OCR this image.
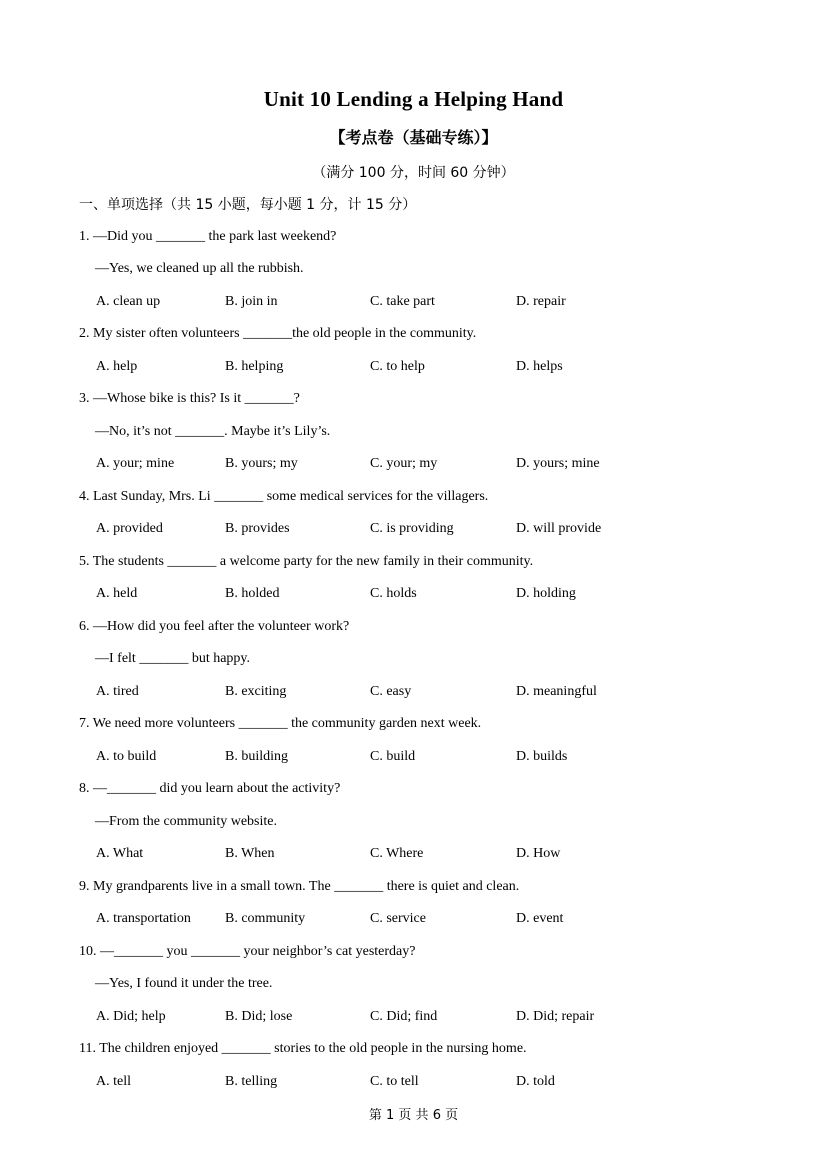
Unit 10 Lending a Helping Hand
【考点卷（基础专练）】
（满分 100 分，时间 60 分钟）
一、单项选择（共 15 小题，每小题 1 分，计 15 分）
1. —Did you _______ the park last weekend?
—Yes, we cleaned up all the rubbish.
A. clean up	B. join in	C. take part	D. repair
2. My sister often volunteers _______the old people in the community.
A. help	B. helping	C. to help	D. helps
3. —Whose bike is this? Is it _______?
—No, it’s not _______. Maybe it’s Lily’s.
A. your; mine	B. yours; my	C. your; my	D. yours; mine
4. Last Sunday, Mrs. Li _______ some medical services for the villagers.
A. provided	B. provides	C. is providing	D. will provide
5. The students _______ a welcome party for the new family in their community.
A. held	B. holded	C. holds	D. holding
6. —How did you feel after the volunteer work?
—I felt _______ but happy.
A. tired	B. exciting	C. easy	D. meaningful
7. We need more volunteers _______ the community garden next week.
A. to build	B. building	C. build	D. builds
8. —_______ did you learn about the activity?
—From the community website.
A. What	B. When	C. Where	D. How
9. My grandparents live in a small town. The _______ there is quiet and clean.
A. transportation B. community	C. service	D. event
10. —_______ you _______ your neighbor’s cat yesterday?
—Yes, I found it under the tree.
A. Did; help	B. Did; lose	C. Did; find	D. Did; repair
11. The children enjoyed _______ stories to the old people in the nursing home.
A. tell	B. telling	C. to tell	D. told
第 1 页 共 6 页
